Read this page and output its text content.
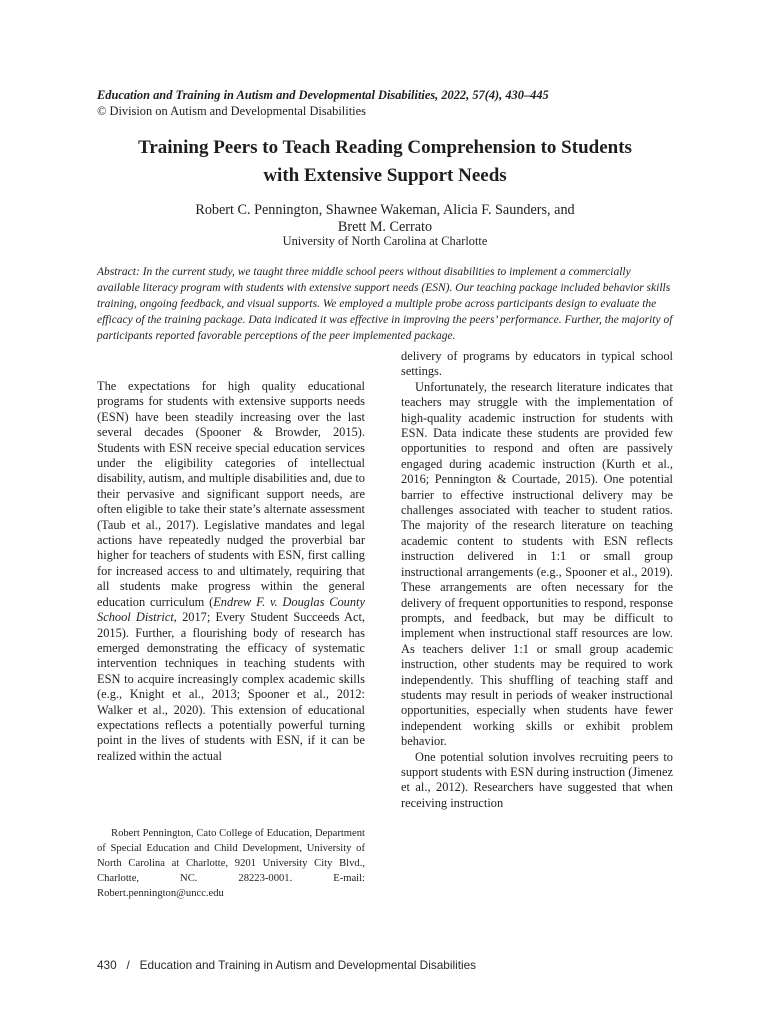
Education and Training in Autism and Developmental Disabilities, 2022, 57(4), 430–445
© Division on Autism and Developmental Disabilities
Training Peers to Teach Reading Comprehension to Students
with Extensive Support Needs
Robert C. Pennington, Shawnee Wakeman, Alicia F. Saunders, and
Brett M. Cerrato
University of North Carolina at Charlotte
Abstract: In the current study, we taught three middle school peers without disabilities to implement a commercially available literacy program with students with extensive support needs (ESN). Our teaching package included behavior skills training, ongoing feedback, and visual supports. We employed a multiple probe across participants design to evaluate the efficacy of the training package. Data indicated it was effective in improving the peers’ performance. Further, the majority of participants reported favorable perceptions of the peer implemented package.

The expectations for high quality educational programs for students with extensive supports needs (ESN) have been steadily increasing over the last several decades (Spooner & Browder, 2015). Students with ESN receive special education services under the eligibility categories of intellectual disability, autism, and multiple disabilities and, due to their pervasive and significant support needs, are often eligible to take their state’s alternate assessment (Taub et al., 2017). Legislative mandates and legal actions have repeatedly nudged the proverbial bar higher for teachers of students with ESN, first calling for increased access to and ultimately, requiring that all students make progress within the general education curriculum (Endrew F. v. Douglas County School District, 2017; Every Student Succeeds Act, 2015). Further, a flourishing body of research has emerged demonstrating the efficacy of systematic intervention techniques in teaching students with ESN to acquire increasingly complex academic skills (e.g., Knight et al., 2013; Spooner et al., 2012: Walker et al., 2020). This extension of educational expectations reflects a potentially powerful turning point in the lives of students with ESN, if it can be realized within the actual

delivery of programs by educators in typical school settings.

Unfortunately, the research literature indicates that teachers may struggle with the implementation of high-quality academic instruction for students with ESN. Data indicate these students are provided few opportunities to respond and often are passively engaged during academic instruction (Kurth et al., 2016; Pennington & Courtade, 2015). One potential barrier to effective instructional delivery may be challenges associated with teacher to student ratios. The majority of the research literature on teaching academic content to students with ESN reflects instruction delivered in 1:1 or small group instructional arrangements (e.g., Spooner et al., 2019). These arrangements are often necessary for the delivery of frequent opportunities to respond, response prompts, and feedback, but may be difficult to implement when instructional staff resources are low. As teachers deliver 1:1 or small group academic instruction, other students may be required to work independently. This shuffling of teaching staff and students may result in periods of weaker instructional opportunities, especially when students have fewer independent working skills or exhibit problem behavior.

One potential solution involves recruiting peers to support students with ESN during instruction (Jimenez et al., 2012). Researchers have suggested that when receiving instruction

Robert Pennington, Cato College of Education, Department of Special Education and Child Development, University of North Carolina at Charlotte, 9201 University City Blvd., Charlotte, NC. 28223-0001. E-mail: Robert.pennington@uncc.edu

430 / Education and Training in Autism and Developmental Disabilities
